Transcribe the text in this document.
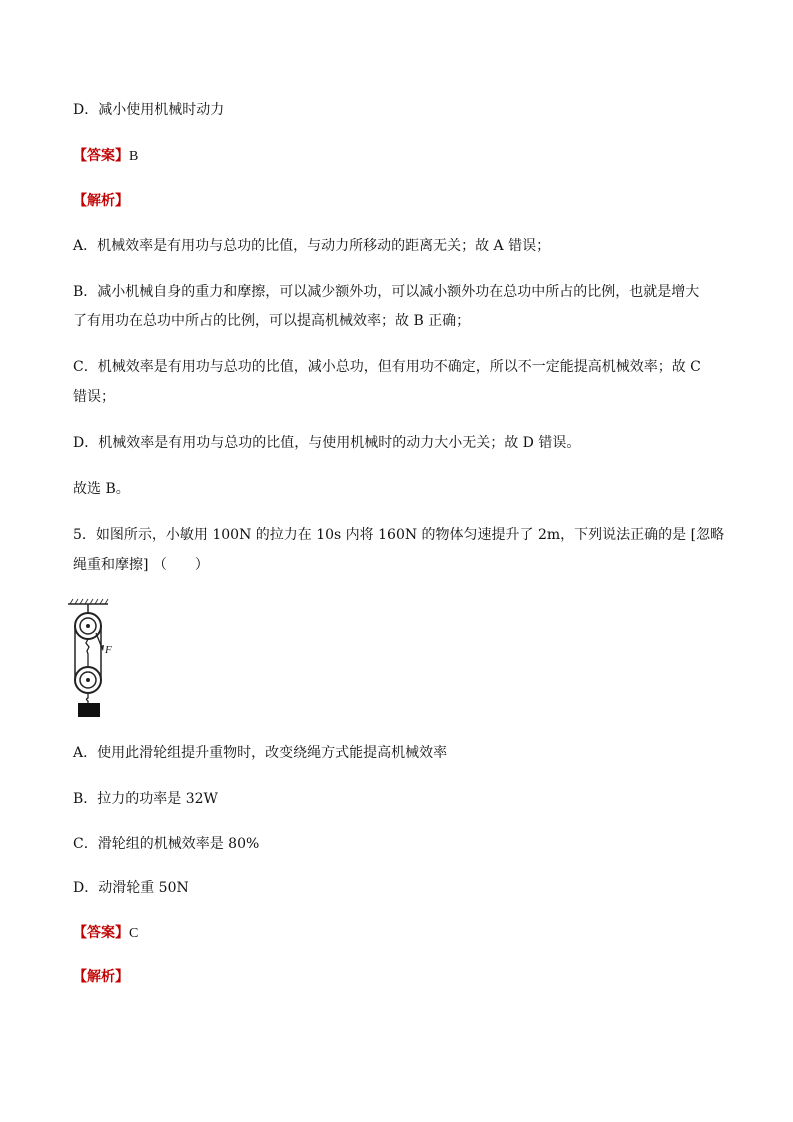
D．减小使用机械时动力
【答案】B
【解析】
A．机械效率是有用功与总功的比值，与动力所移动的距离无关；故 A 错误；
B．减小机械自身的重力和摩擦，可以减少额外功，可以减小额外功在总功中所占的比例，也就是增大
了有用功在总功中所占的比例，可以提高机械效率；故 B 正确；
C．机械效率是有用功与总功的比值，减小总功，但有用功不确定，所以不一定能提高机械效率；故 C
错误；
D．机械效率是有用功与总功的比值，与使用机械时的动力大小无关；故 D 错误。
故选 B。
5．如图所示，小敏用 100N 的拉力在 10s 内将 160N 的物体匀速提升了 2m，下列说法正确的是 [忽略
绳重和摩擦] （　　）
F
A．使用此滑轮组提升重物时，改变绕绳方式能提高机械效率
B．拉力的功率是 32W
C．滑轮组的机械效率是 80%
D．动滑轮重 50N
【答案】C
【解析】
